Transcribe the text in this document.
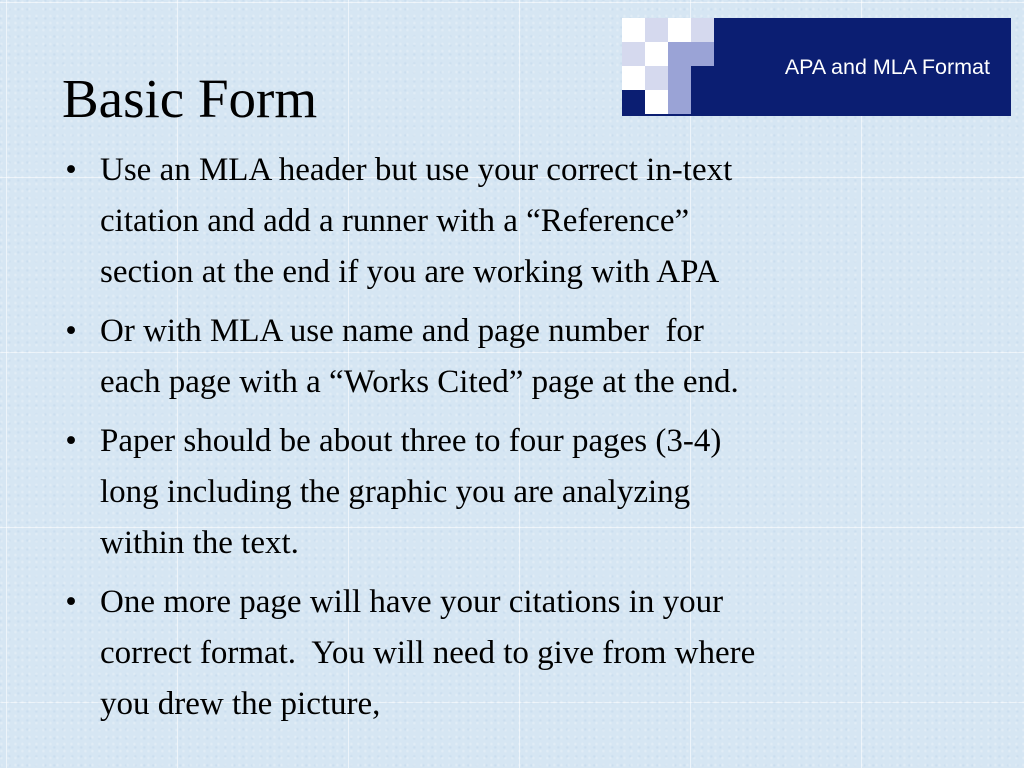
Basic Form
APA and MLA Format
• Use an MLA header but use your correct in-text
citation and add a runner with a “Reference”
section at the end if you are working with APA
• Or with MLA use name and page number  for
each page with a “Works Cited” page at the end.
• Paper should be about three to four pages (3-4)
long including the graphic you are analyzing
within the text.
• One more page will have your citations in your
correct format.  You will need to give from where
you drew the picture,
